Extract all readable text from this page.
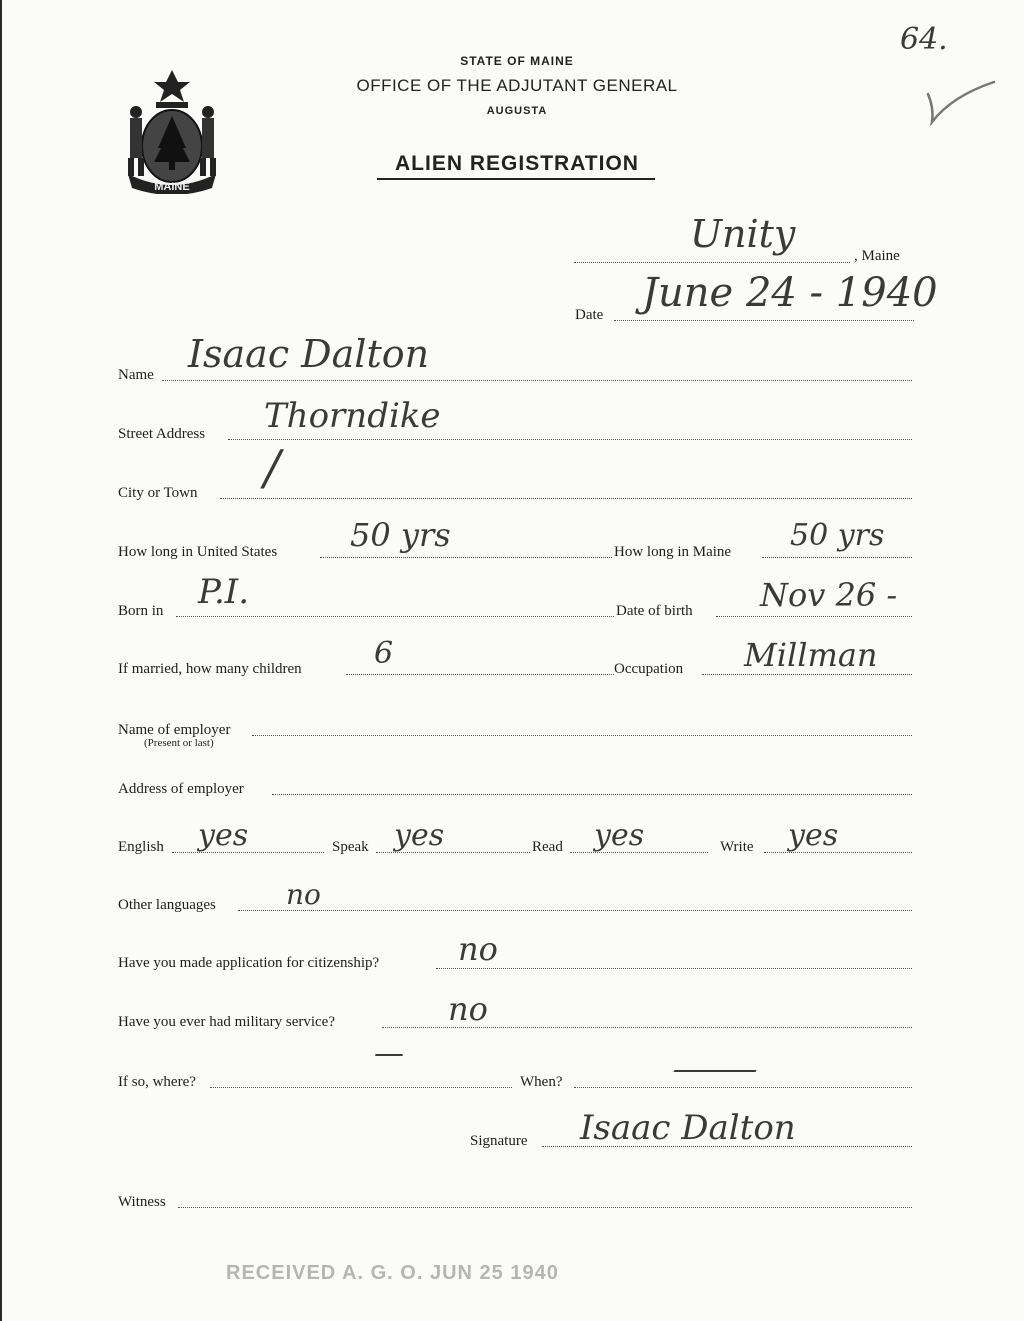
64.
MAINE
STATE OF MAINE
OFFICE OF THE ADJUTANT GENERAL
AUGUSTA
ALIEN REGISTRATION
Unity	, Maine
Date June 24 - 1940
Name Isaac Dalton
Street Address Thorndike
City or Town /
How long in United States 50 yrs	How long in Maine 50 yrs
Born in P.I.	Date of birth Nov 26 -
If married, how many children 6	Occupation Millman
Name of employer
(Present or last)
Address of employer
English yes	Speak yes	Read yes	Write yes
Other languages	no
Have you made application for citizenship? no
Have you ever had military service?	no
If so, where?
—
When?	—
Signature Isaac Dalton
Witness
RECEIVED A. G. O. JUN 25 1940
